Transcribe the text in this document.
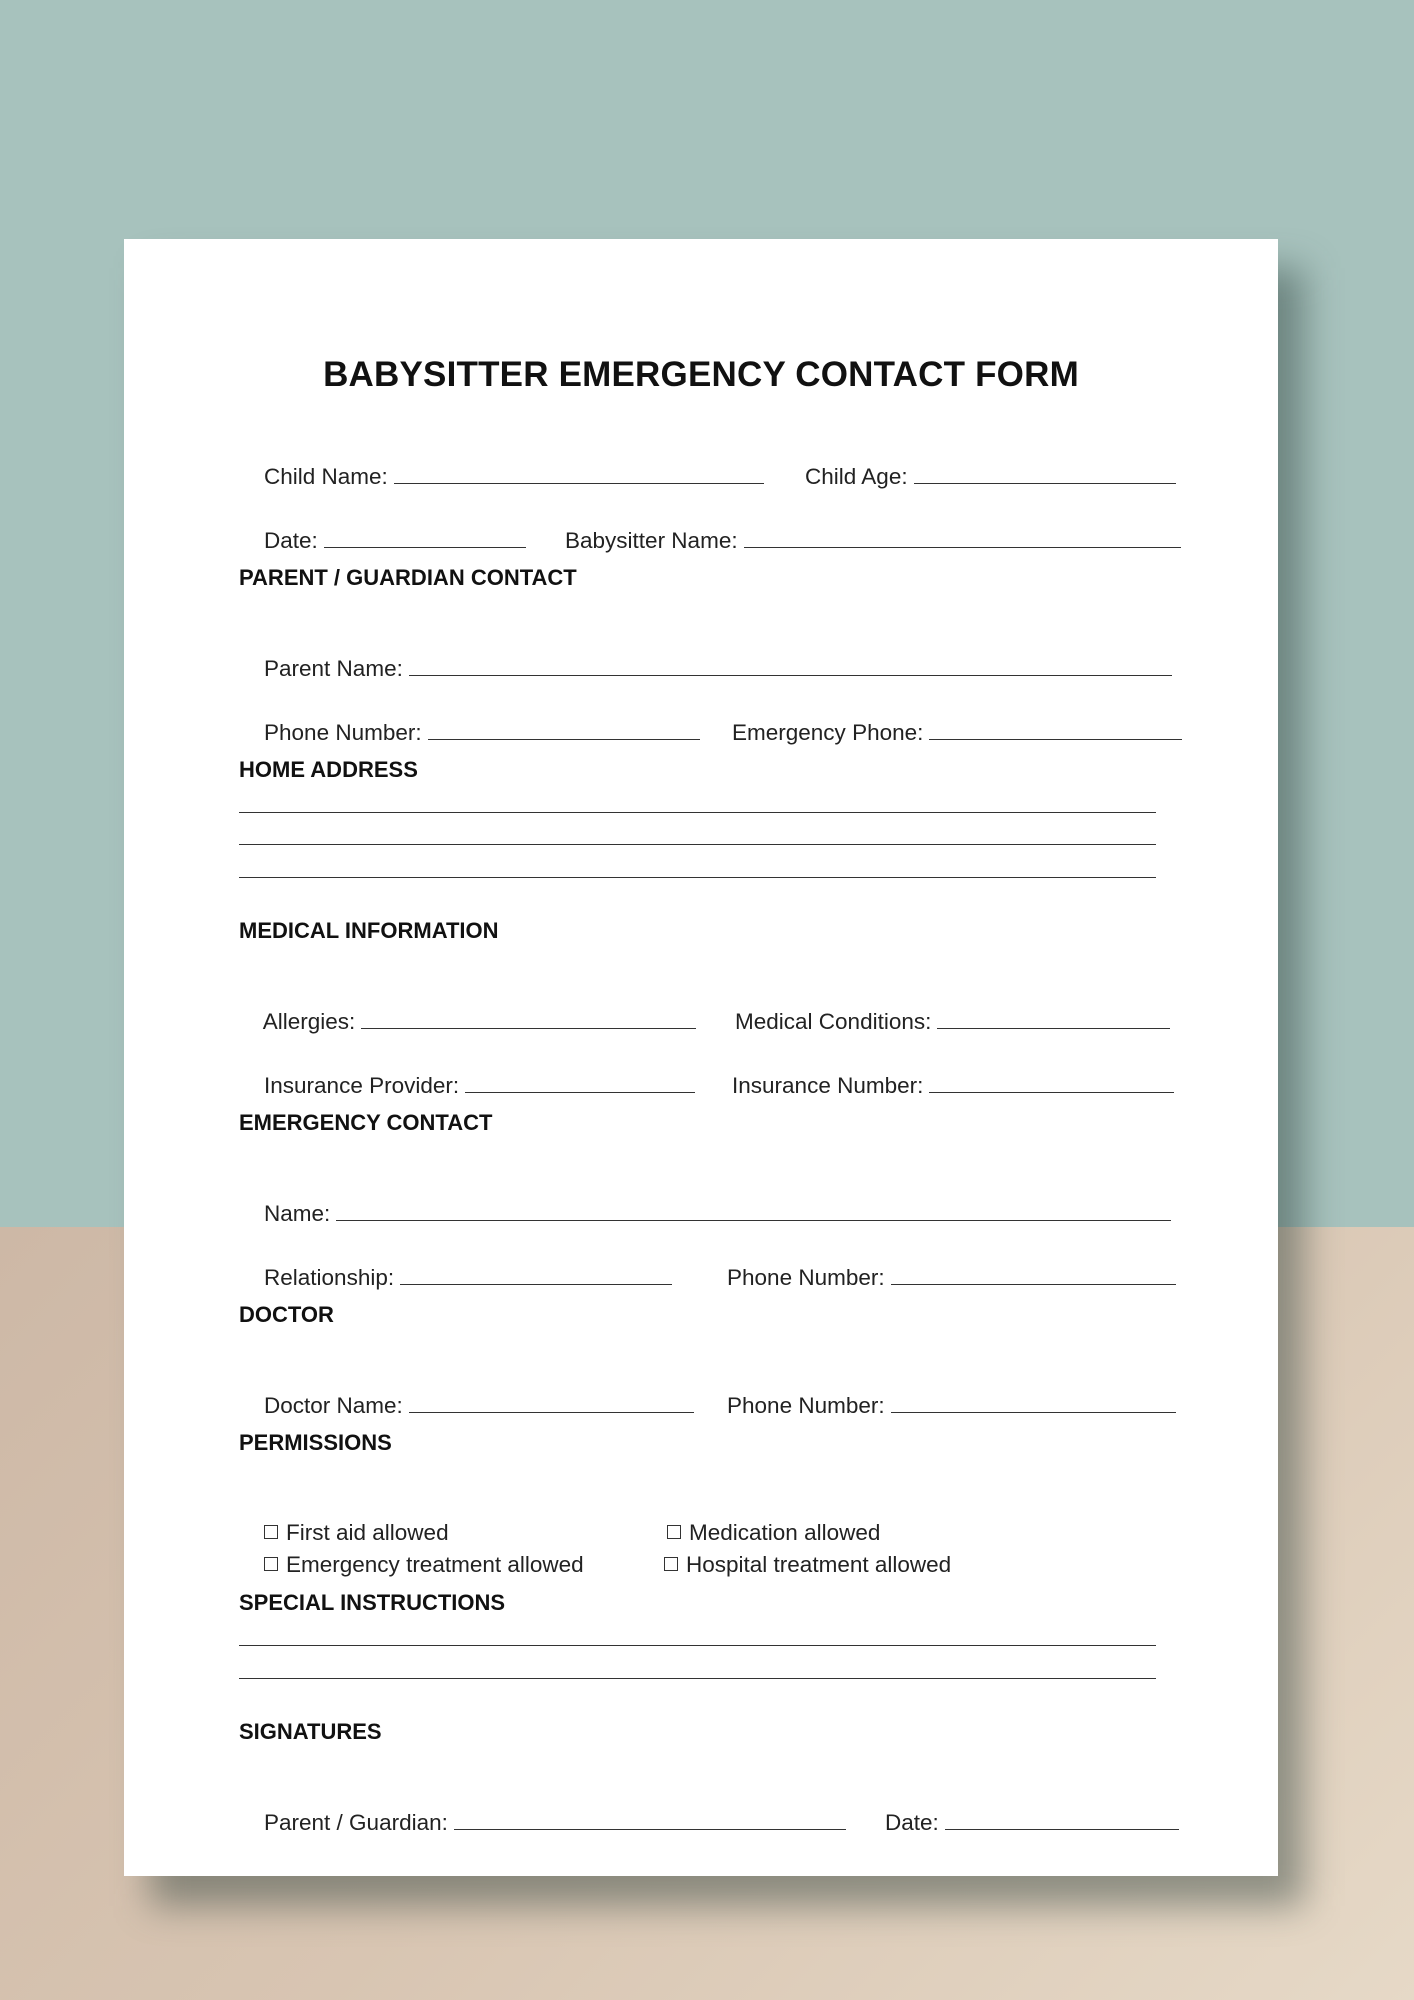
BABYSITTER EMERGENCY CONTACT FORM

Child Name:
	Child Age:

Date:
	Babysitter Name:

PARENT / GUARDIAN CONTACT

Parent Name:

Phone Number:
	Emergency Phone:

HOME ADDRESS
MEDICAL INFORMATION

Allergies:
	Medical Conditions:

Insurance Provider:
	Insurance Number:

EMERGENCY CONTACT

Name:

Relationship:
	Phone Number:

DOCTOR

Doctor Name:
	Phone Number:

PERMISSIONS

First aid allowed
	Medication allowed

Emergency treatment allowed
	Hospital treatment allowed

SPECIAL INSTRUCTIONS
SIGNATURES

Parent / Guardian:
	Date:
